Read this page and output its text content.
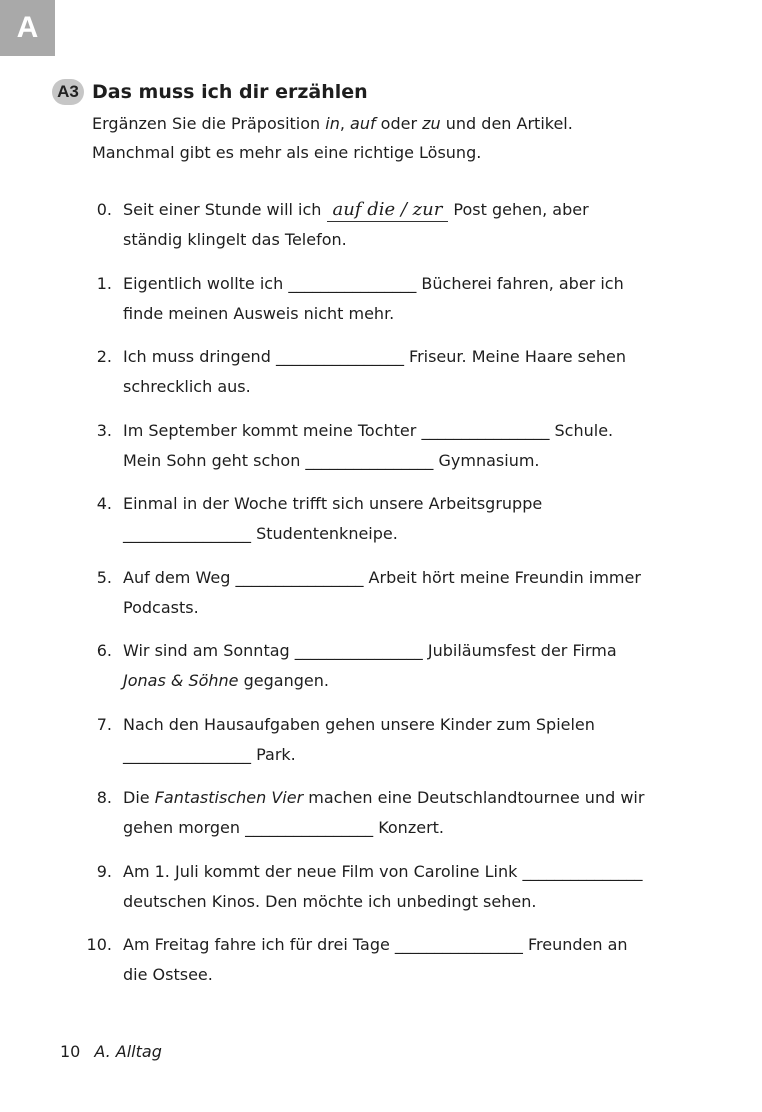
A
A3 Das muss ich dir erzählen

Ergänzen Sie die Präposition in, auf oder zu und den Artikel.

Manchmal gibt es mehr als eine richtige Lösung.

0. Seit einer Stunde will ich auf die / zur Post gehen, aber

ständig klingelt das Telefon.

1. Eigentlich wollte ich ________________ Bücherei fahren, aber ich

finde meinen Ausweis nicht mehr.

2. Ich muss dringend ________________ Friseur. Meine Haare sehen

schrecklich aus.

3. Im September kommt meine Tochter ________________ Schule.

Mein Sohn geht schon ________________ Gymnasium.

4. Einmal in der Woche trifft sich unsere Arbeitsgruppe

________________ Studentenkneipe.

5. Auf dem Weg ________________ Arbeit hört meine Freundin immer

Podcasts.

6. Wir sind am Sonntag ________________ Jubiläumsfest der Firma

Jonas & Söhne gegangen.

7. Nach den Hausaufgaben gehen unsere Kinder zum Spielen

________________ Park.

8. Die Fantastischen Vier machen eine Deutschlandtournee und wir

gehen morgen ________________ Konzert.

9. Am 1. Juli kommt der neue Film von Caroline Link _______________

deutschen Kinos. Den möchte ich unbedingt sehen.

10. Am Freitag fahre ich für drei Tage ________________ Freunden an

die Ostsee.

10 A. Alltag
